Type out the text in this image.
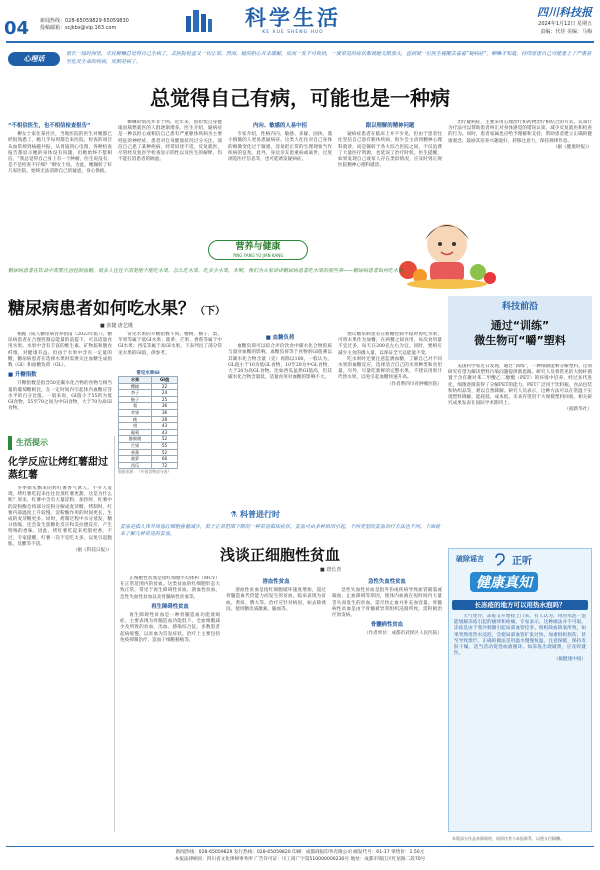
04 新闻热线：028-65059829 65059830
投稿邮箱：scjkbs@vip.163.com	科学生活
KE XUE SHENG HUO
四川科技报
2024年1月12日 星期五
责编：代佳 美编：马梅
心理话
很长一段时间里，市民柳琳总觉得自己生病了，去医院检查又一切正常，然而，她的担心并未缓解，反而一发不可收拾，一度常见的症状都被她无限放大，直到被一位医生提醒去看看“疑病症”，柳琳才知道，持续思虑自己可能患上了严重甚至危及生命的疾病，反倒是病了。
总觉得自己有病，可能也是一种病
“不相信医生，也不相信检查报告”
柳女士家住某社区，当地医院的医生对她都已经很熟悉了。她几乎每周都会来医院，检查的项目从血常规到核磁共振，从胃镜到心电图，各种检查报告都显示她的身体没有问题，但她始终不愿相信。“我总觉得自己身上有一个肿瘤，医生说没有，是不是检查不仔细？”柳女士说。为此，她辗转了好几家医院，始终无法消除自己的疑虑，身心俱疲。
柳琳的情况并非个例。近年来，因担忧自身健康而频繁就医的人群逐渐增多。医生介绍，疑病症是一种以担心或相信自己患有严重躯体疾病为主要特征的神经症，患者对自身健康状况过分关注，深信自己患了某种疾病，经常诉述不适，反复就医，尽管经反复医学检查显示阴性以及医生的解释，均不能打消患者的顾虑。
内向、敏感的人易中招
专家介绍，性格内向、敏感、多疑、固执、谨小慎微的人更易患疑病症。这类人往往对自己身体的细微变化过于敏感，容易把正常的生理现象当作疾病的征兆。此外，身边亲友患重病或离世、过度浏览医疗信息等，也可能诱发疑病症。
跟以理解的精神问题
疑病症患者在临床上并不少见，但由于患者往往坚信自己患有躯体疾病，很少会主动到精神心理科就诊，而是辗转于各大综合医院之间，不仅浪费了大量医疗资源，也延误了治疗时机。医生提醒，如果发现自己或家人存在类似情况，应及时到正规医院精神心理科就诊。
治疗疑病症，主要采用心理治疗和药物治疗相结合的方式。认知行为疗法可以帮助患者纠正对身体感觉的错误认知，减少反复就医和检查的行为。同时，患者家属也应给予理解和支持，帮助患者建立正确的健康观念，鼓励其培养兴趣爱好，转移注意力，保持规律作息。
（据《健康时报》）
营养与健康
YING YANG YU JIAN KANG
糖尿病患者在饮食中需要注意控制血糖，很多人往往不清楚能不能吃水果、怎么吃水果、吃多少水果。本期，我们为大家讲讲糖尿病患者吃水果的那些事——糖尿病患者如何吃水果。
糖尿病患者如何吃水果？（下）
■ 张捷 唐艺瑾
根据《成人糖尿病食养指南（2023年版）》，糖尿病患者在合理控制总能量的前提下，可以适量食用水果。水果中含有丰富的维生素、矿物质和膳食纤维，对健康有益。但由于水果中含有一定量的糖，糖尿病患者在选择水果时需要关注血糖生成指数（GI）和血糖负荷（GL）。
■ 升糖指数
升糖指数是指含50克碳水化合物的食物与相当量的葡萄糖相比，在一定时间内引起体内血糖应答水平的百分比值。一般来说，GI值小于55的为低GI食物，55至70之间为中GI食物，大于70为高GI食物。
常见水果的升糖指数不同。樱桃、柚子、梨、苹果等属于低GI水果；菠萝、芒果、香蕉等属于中GI水果；西瓜等属于高GI水果。下表列出了部分常见水果的GI值，供参考。
常见水果GI
水果	GI值
樱桃	22
李子	24
柚子	25
梨	36
苹果	36
桃	28
柑	43
葡萄	43
猕猴桃	52
芒果	55
香蕉	52
菠萝	66
西瓜	72
数据来源：《中国食物成分表》
■ 血糖负荷
血糖负荷可以综合评价饮食中碳水化合物的质与量对血糖的影响。血糖负荷等于食物的GI值乘以其碳水化合物含量（克）再除以100。一般认为，GL值小于10为低GL食物，10至20为中GL食物，大于20为高GL食物。比如西瓜虽然GI值高，但其碳水化合物含量低，适量食用对血糖的影响不大。
建议糖尿病患者在血糖控制平稳时再吃水果，可将水果作为加餐，在两餐之间食用，每次食用量不宜过多，每天在200克左右为宜。同时，要相应减少主食的摄入量，以保证全天总能量不变。
吃水果时还要注意监测血糖，了解自己对不同水果的血糖反应，选择适合自己的水果种类和食用量。另外，尽量吃新鲜的完整水果，不建议用果汁代替水果，以免引起血糖快速升高。
（作者系四川省肿瘤医院）
生活提示
化学反应让烤红薯甜过蒸红薯
冬季街头飘来的烤红薯香气诱人。不少人发现，烤红薯吃起来往往比蒸红薯更甜，这是为什么呢？原来，红薯中含有大量淀粉，加热时，红薯中的淀粉酶会将部分淀粉分解成麦芽糖。烤制时，红薯内部温度上升较慢，淀粉酶作用的时间更长，生成的麦芽糖更多。同时，烤制过程中水分蒸发，糖分浓缩，还会发生焦糖化反应和美拉德反应，产生特殊的香味。因此，烤红薯吃起来更甜更香。不过，专家提醒，红薯一次不宜吃太多，以免引起腹胀、反酸等不适。
（据《科技日报》）
⚗ 科普进行时
贫血是指人体外周血红细胞容量减少，低于正常范围下限的一种常见临床症状。贫血可由多种原因引起，不同类型的贫血治疗方法也不同。下面就来了解几种常见的贫血。
浅谈正细胞性贫血
■ 唐长青
正细胞性贫血是指红细胞平均体积（MCV）在正常范围内的贫血。这类贫血的红细胞形态大致正常，常见于再生障碍性贫血、溶血性贫血、急性失血性贫血以及骨髓病性贫血等。
再生障碍性贫血
再生障碍性贫血是一种骨髓造血功能衰竭症，主要表现为骨髓造血功能低下、全血细胞减少及所致的贫血、出血、感染综合征。多数患者起病缓慢，以贫血为首发症状。治疗上主要包括免疫抑制治疗、造血干细胞移植等。
溶血性贫血
溶血性贫血是指红细胞破坏速度增加，超过骨髓造血代偿能力而发生的贫血。临床表现为贫血、黄疸、脾大等。治疗应针对病因，如去除诱因、使用糖皮质激素、输血等。
急性失血性贫血
急性失血性贫血是指外伤或疾病导致血管破裂或凝血、止血障碍等原因，使体内血液在短时间内大量丢失而发生的贫血。需尽快止血并补充血容量。骨髓病性贫血是由于骨髓被异常组织浸润所致，需积极治疗原发病。
骨髓病性贫血
（作者单位：成都市武侯区人民医院）
科技前沿
通过“训练”
微生物可“嚼”塑料
美国科学家近日发现，通过“训练”，一种细菌能够分解塑料。这项研究有望为解决塑料污染问题提供新思路。研究人员将常见的大肠杆菌置于含有聚对苯二甲酸乙二醇酯（PET）的环境中培养，经过多代进化，细菌逐渐获得了分解PET的能力。PET广泛用于饮料瓶、食品包装和纺织品等，难以自然降解。研究人员表示，这种方法可以在常温下实现塑料降解，能耗低、成本低，未来有望用于大规模塑料回收。相关研究成果发表在国际学术期刊上。
（据新华社）
破除谣言	正听
健康真知
长冻疮的地方可以用热水泡吗？
天气变冷，冻疮又开始找上门来。有人认为，用热水泡一泡能缓解冻疮引起的瘙痒和疼痛。专家表示，这种做法并不可取。冻疮是由于寒冷刺激引起局部血管痉挛、组织缺血缺氧所致，如果突然用热水浸泡，会使局部血管扩张过快，加重组织损伤，甚至导致溃烂。正确的做法是用温水慢慢复温，注意保暖，保持皮肤干燥，适当活动促进血液循环。如冻疮出现破溃，应及时就医。
（据健康中国）
本版部分作品来源网络，请原作者与本报联系，以便支付稿酬。
新闻热线：028-65059829 发行热线：028-65059820 印刷：成都商报印务有限公司 邮发代号：61-17 零售价：1.50元
本报法律顾问：四川省文化律师事务所 广告许可证：川工商广字第510000000230号 地址：成都市锦江区红星路二段70号
